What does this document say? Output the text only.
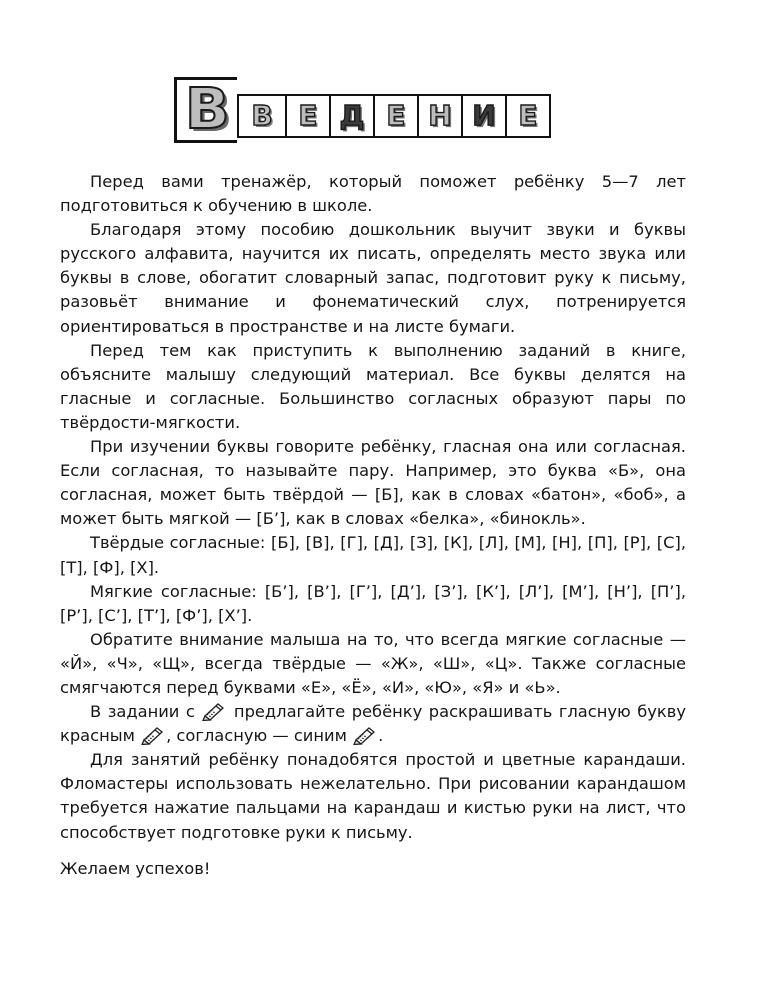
В В Е Д Е Н И Е

Перед вами тренажёр, который поможет ребёнку 5—7 лет подготовиться к обучению в школе.

Благодаря этому пособию дошкольник выучит звуки и буквы русского алфавита, научится их писать, определять место звука или буквы в слове, обогатит словарный запас, подготовит руку к письму, разовьёт внимание и фонематический слух, потренируется ориентироваться в пространстве и на листе бумаги.

Перед тем как приступить к выполнению заданий в книге, объясните малышу следующий материал. Все буквы делятся на гласные и согласные. Большинство согласных образуют пары по твёрдости-мягкости.

При изучении буквы говорите ребёнку, гласная она или согласная. Если согласная, то называйте пару. Например, это буква «Б», она согласная, может быть твёрдой — [Б], как в словах «батон», «боб», а может быть мягкой — [Б’], как в словах «белка», «бинокль».

Твёрдые согласные: [Б], [В], [Г], [Д], [З], [К], [Л], [М], [Н], [П], [Р], [С], [Т], [Ф], [Х].

Мягкие согласные: [Б’], [В’], [Г’], [Д’], [З’], [К’], [Л’], [М’], [Н’], [П’], [Р’], [С’], [Т’], [Ф’], [Х’].

Обратите внимание малыша на то, что всегда мягкие согласные — «Й», «Ч», «Щ», всегда твёрдые — «Ж», «Ш», «Ц». Также согласные смягчаются перед буквами «Е», «Ё», «И», «Ю», «Я» и «Ь».

В задании с предлагайте ребёнку раскрашивать гласную букву красным , согласную — синим .

Для занятий ребёнку понадобятся простой и цветные карандаши. Фломастеры использовать нежелательно. При рисовании карандашом требуется нажатие пальцами на карандаш и кистью руки на лист, что способствует подготовке руки к письму.

Желаем успехов!
